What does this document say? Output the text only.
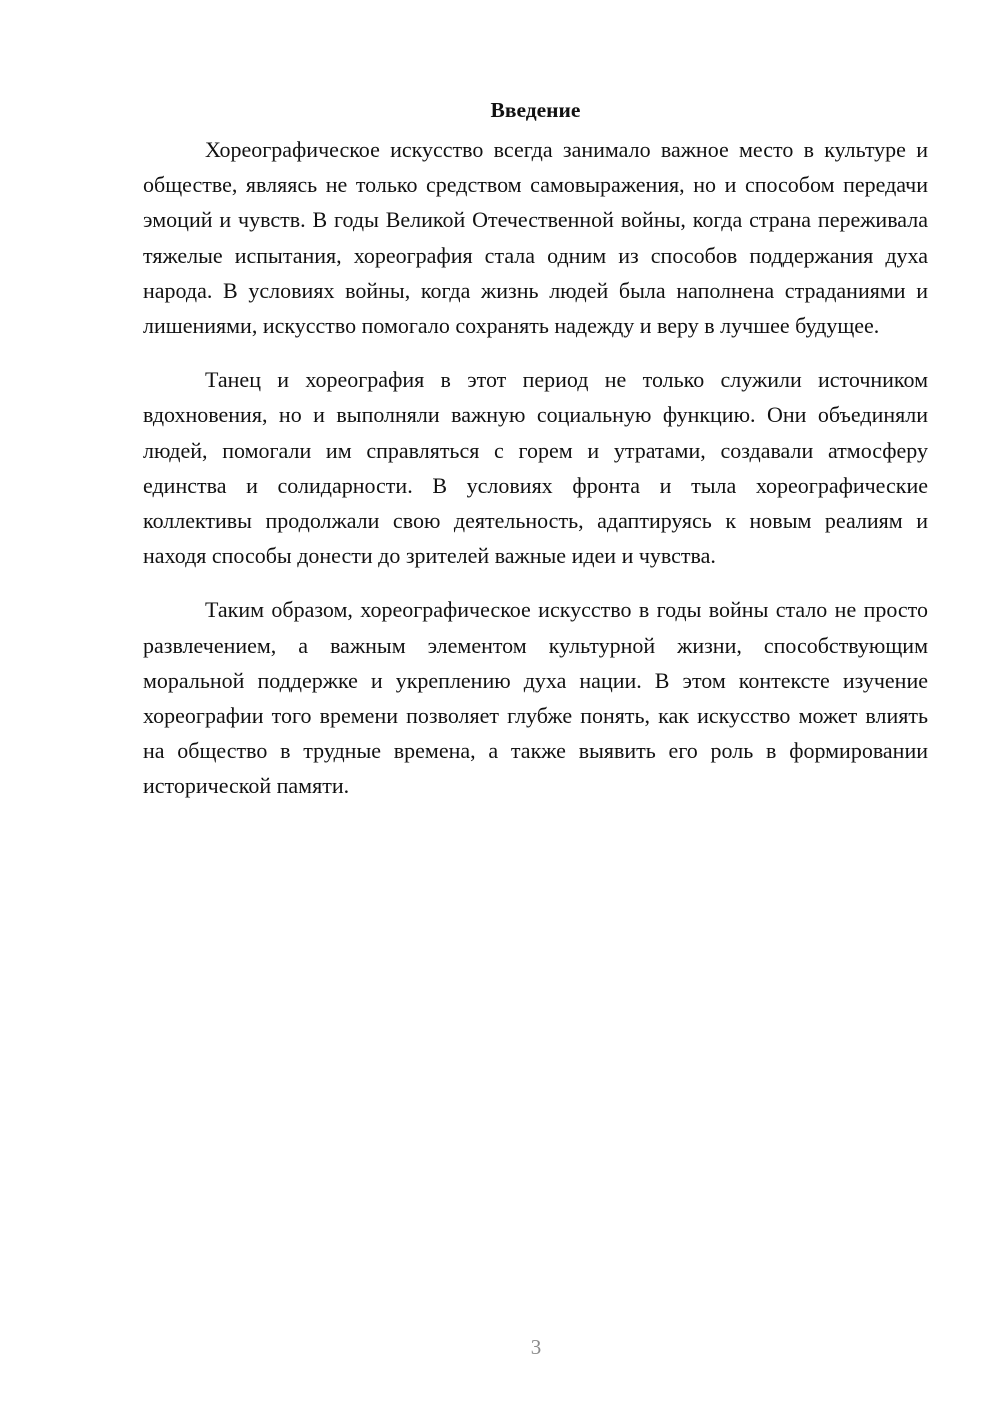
Введение

Хореографическое искусство всегда занимало важное место в культуре и обществе, являясь не только средством самовыражения, но и способом передачи эмоций и чувств. В годы Великой Отечественной войны, когда страна переживала тяжелые испытания, хореография стала одним из способов поддержания духа народа. В условиях войны, когда жизнь людей была наполнена страданиями и лишениями, искусство помогало сохранять надежду и веру в лучшее будущее.

Танец и хореография в этот период не только служили источником вдохновения, но и выполняли важную социальную функцию. Они объединяли людей, помогали им справляться с горем и утратами, создавали атмосферу единства и солидарности. В условиях фронта и тыла хореографические коллективы продолжали свою деятельность, адаптируясь к новым реалиям и находя способы донести до зрителей важные идеи и чувства.

Таким образом, хореографическое искусство в годы войны стало не просто развлечением, а важным элементом культурной жизни, способствующим моральной поддержке и укреплению духа нации. В этом контексте изучение хореографии того времени позволяет глубже понять, как искусство может влиять на общество в трудные времена, а также выявить его роль в формировании исторической памяти.

3
